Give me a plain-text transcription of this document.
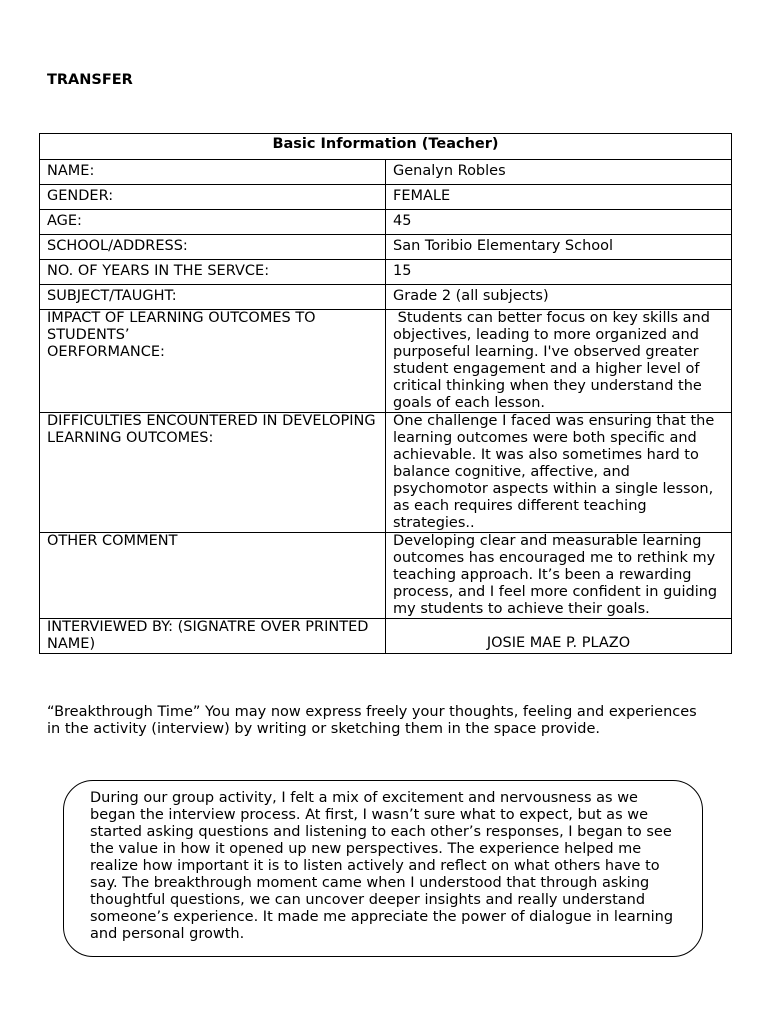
TRANSFER
Basic Information (Teacher)	
NAME:	Genalyn Robles
GENDER:	FEMALE
AGE:	45
SCHOOL/ADDRESS:	San Toribio Elementary School
NO. OF YEARS IN THE SERVCE:	15
SUBJECT/TAUGHT:	Grade 2 (all subjects)
IMPACT OF LEARNING OUTCOMES TO STUDENTS’
OERFORMANCE:	Students can better focus on key skills and objectives, leading to more organized and purposeful learning. I've observed greater student engagement and a higher level of critical thinking when they understand the goals of each lesson.
DIFFICULTIES ENCOUNTERED IN DEVELOPING LEARNING OUTCOMES:	One challenge I faced was ensuring that the learning outcomes were both specific and achievable. It was also sometimes hard to balance cognitive, affective, and psychomotor aspects within a single lesson, as each requires different teaching strategies..
OTHER COMMENT	Developing clear and measurable learning outcomes has encouraged me to rethink my teaching approach. It’s been a rewarding process, and I feel more confident in guiding my students to achieve their goals.
INTERVIEWED BY: (SIGNATRE OVER PRINTED NAME)	JOSIE MAE P. PLAZO
“Breakthrough Time” You may now express freely your thoughts, feeling and experiences in the activity (interview) by writing or sketching them in the space provide.
During our group activity, I felt a mix of excitement and nervousness as we began the interview process. At first, I wasn’t sure what to expect, but as we started asking questions and listening to each other’s responses, I began to see the value in how it opened up new perspectives. The experience helped me realize how important it is to listen actively and reflect on what others have to say. The breakthrough moment came when I understood that through asking thoughtful questions, we can uncover deeper insights and really understand someone’s experience. It made me appreciate the power of dialogue in learning and personal growth.
